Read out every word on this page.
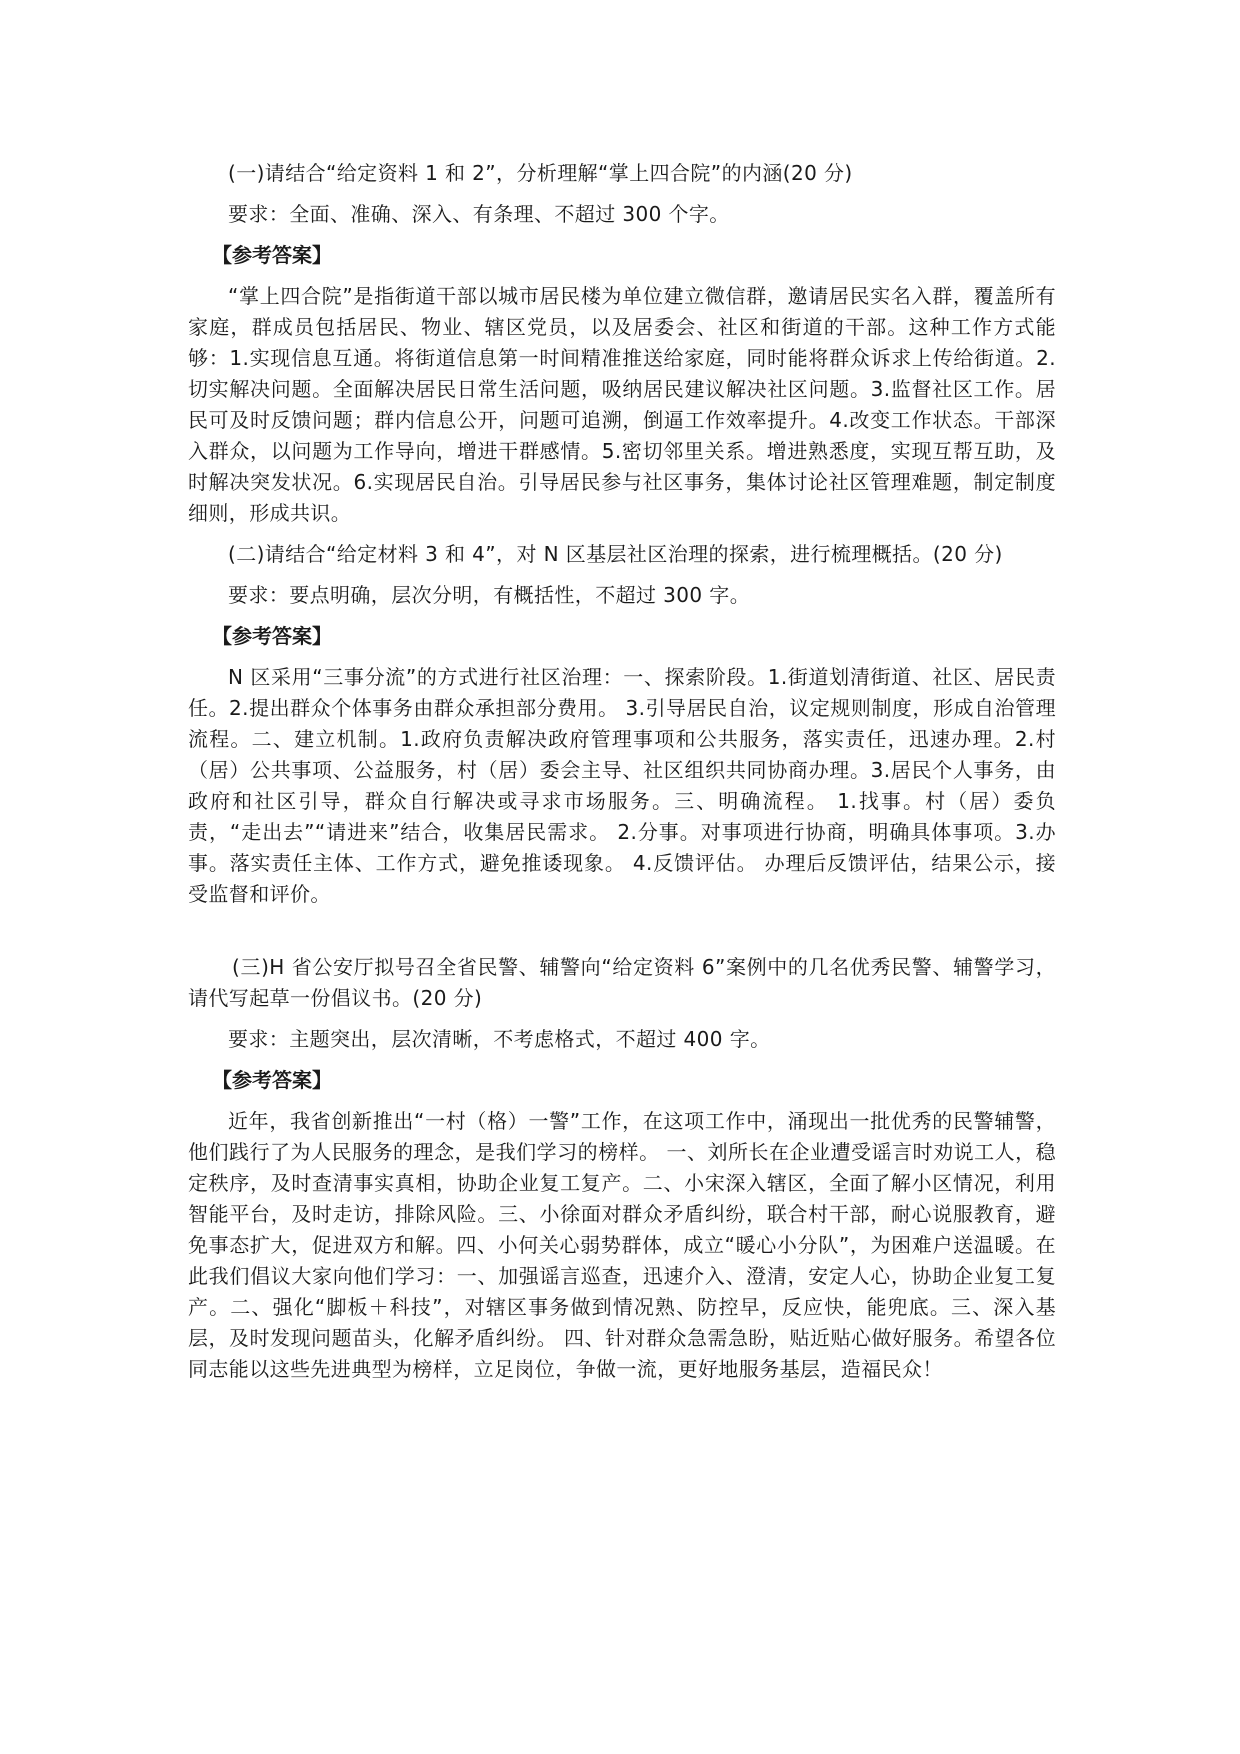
(一)请结合“给定资料 1 和 2”，分析理解“掌上四合院”的内涵(20 分)

要求：全面、准确、深入、有条理、不超过 300 个字。

【参考答案】

“掌上四合院”是指街道干部以城市居民楼为单位建立微信群，邀请居民实名入群，覆盖所有家庭，群成员包括居民、物业、辖区党员，以及居委会、社区和街道的干部。这种工作方式能够：1.实现信息互通。将街道信息第一时间精准推送给家庭，同时能将群众诉求上传给街道。2.切实解决问题。全面解决居民日常生活问题，吸纳居民建议解决社区问题。3.监督社区工作。居民可及时反馈问题；群内信息公开，问题可追溯，倒逼工作效率提升。4.改变工作状态。干部深入群众，以问题为工作导向，增进干群感情。5.密切邻里关系。增进熟悉度，实现互帮互助，及时解决突发状况。6.实现居民自治。引导居民参与社区事务，集体讨论社区管理难题，制定制度细则，形成共识。

(二)请结合“给定材料 3 和 4”，对 N 区基层社区治理的探索，进行梳理概括。(20 分)

要求：要点明确，层次分明，有概括性，不超过 300 字。

【参考答案】

N 区采用“三事分流”的方式进行社区治理：一、探索阶段。1.街道划清街道、社区、居民责任。2.提出群众个体事务由群众承担部分费用。 3.引导居民自治，议定规则制度，形成自治管理流程。二、建立机制。1.政府负责解决政府管理事项和公共服务，落实责任，迅速办理。2.村（居）公共事项、公益服务，村（居）委会主导、社区组织共同协商办理。3.居民个人事务，由政府和社区引导，群众自行解决或寻求市场服务。三、明确流程。 1.找事。村（居）委负责，“走出去”“请进来”结合，收集居民需求。 2.分事。对事项进行协商，明确具体事项。3.办事。落实责任主体、工作方式，避免推诿现象。 4.反馈评估。 办理后反馈评估，结果公示，接受监督和评价。

(三)H 省公安厅拟号召全省民警、辅警向“给定资料 6”案例中的几名优秀民警、辅警学习，请代写起草一份倡议书。(20 分)

要求：主题突出，层次清晰，不考虑格式，不超过 400 字。

【参考答案】

近年，我省创新推出“一村（格）一警”工作，在这项工作中，涌现出一批优秀的民警辅警，他们践行了为人民服务的理念，是我们学习的榜样。 一、刘所长在企业遭受谣言时劝说工人，稳定秩序，及时查清事实真相，协助企业复工复产。二、小宋深入辖区，全面了解小区情况，利用智能平台，及时走访，排除风险。三、小徐面对群众矛盾纠纷，联合村干部，耐心说服教育，避免事态扩大，促进双方和解。四、小何关心弱势群体，成立“暖心小分队”，为困难户送温暖。在此我们倡议大家向他们学习：一、加强谣言巡查，迅速介入、澄清，安定人心，协助企业复工复产。二、强化“脚板＋科技”，对辖区事务做到情况熟、防控早，反应快，能兜底。三、深入基层，及时发现问题苗头，化解矛盾纠纷。 四、针对群众急需急盼，贴近贴心做好服务。希望各位同志能以这些先进典型为榜样，立足岗位，争做一流，更好地服务基层，造福民众！
